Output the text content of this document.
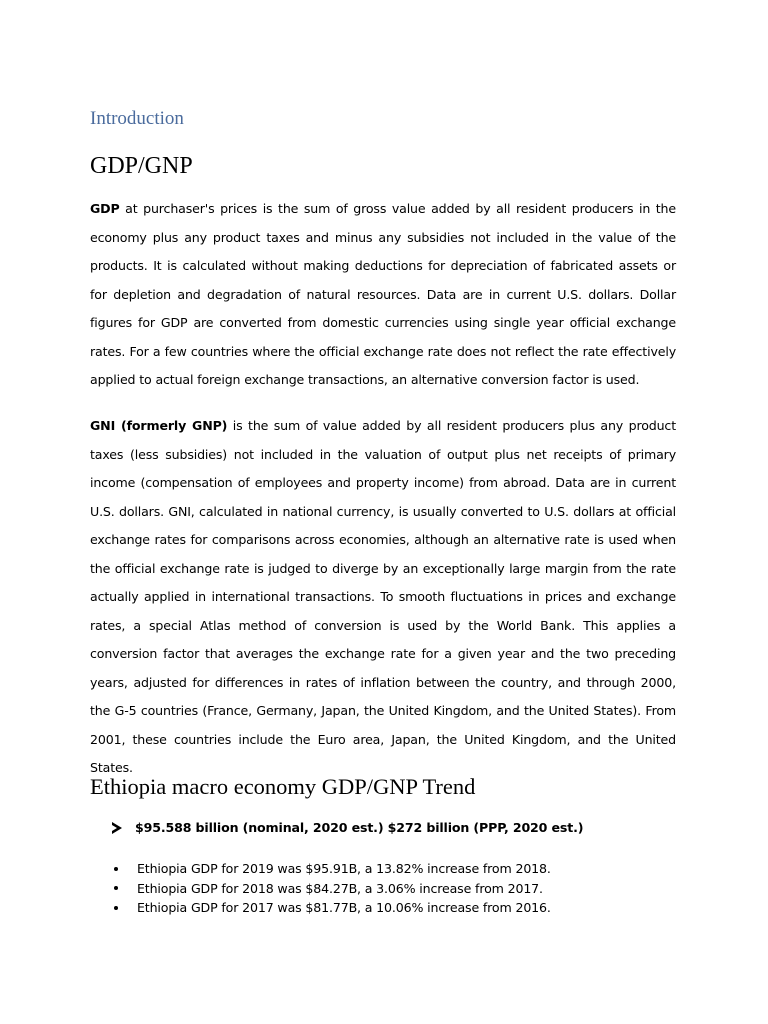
Introduction
GDP/GNP

GDP at purchaser's prices is the sum of gross value added by all resident producers in the economy plus any product taxes and minus any subsidies not included in the value of the products. It is calculated without making deductions for depreciation of fabricated assets or for depletion and degradation of natural resources. Data are in current U.S. dollars. Dollar figures for GDP are converted from domestic currencies using single year official exchange rates. For a few countries where the official exchange rate does not reflect the rate effectively applied to actual foreign exchange transactions, an alternative conversion factor is used.

GNI (formerly GNP) is the sum of value added by all resident producers plus any product taxes (less subsidies) not included in the valuation of output plus net receipts of primary income (compensation of employees and property income) from abroad. Data are in current U.S. dollars. GNI, calculated in national currency, is usually converted to U.S. dollars at official exchange rates for comparisons across economies, although an alternative rate is used when the official exchange rate is judged to diverge by an exceptionally large margin from the rate actually applied in international transactions. To smooth fluctuations in prices and exchange rates, a special Atlas method of conversion is used by the World Bank. This applies a conversion factor that averages the exchange rate for a given year and the two preceding years, adjusted for differences in rates of inflation between the country, and through 2000, the G-5 countries (France, Germany, Japan, the United Kingdom, and the United States). From 2001, these countries include the Euro area, Japan, the United Kingdom, and the United States.

Ethiopia macro economy GDP/GNP Trend
$95.588 billion (nominal, 2020 est.) $272 billion (PPP, 2020 est.)
Ethiopia GDP for 2019 was $95.91B, a 13.82% increase from 2018.
Ethiopia GDP for 2018 was $84.27B, a 3.06% increase from 2017.
Ethiopia GDP for 2017 was $81.77B, a 10.06% increase from 2016.
